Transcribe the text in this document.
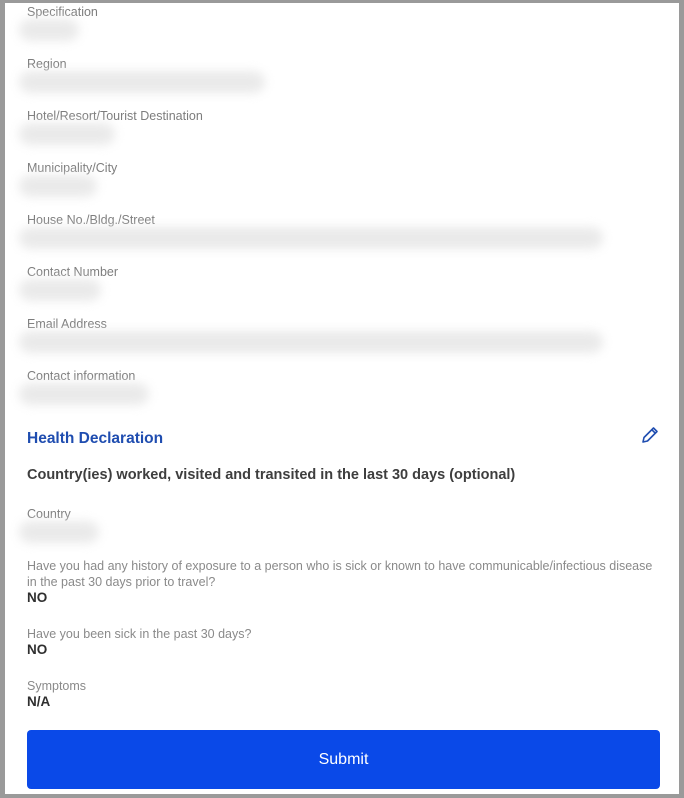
Specification
Region
Hotel/Resort/Tourist Destination
Municipality/City
House No./Bldg./Street
Contact Number
Email Address
Contact information
Health Declaration
Country(ies) worked, visited and transited in the last 30 days (optional)
Country
Have you had any history of exposure to a person who is sick or known to have communicable/infectious disease in the past 30 days prior to travel?
NO
Have you been sick in the past 30 days?
NO
Symptoms
N/A
Submit
